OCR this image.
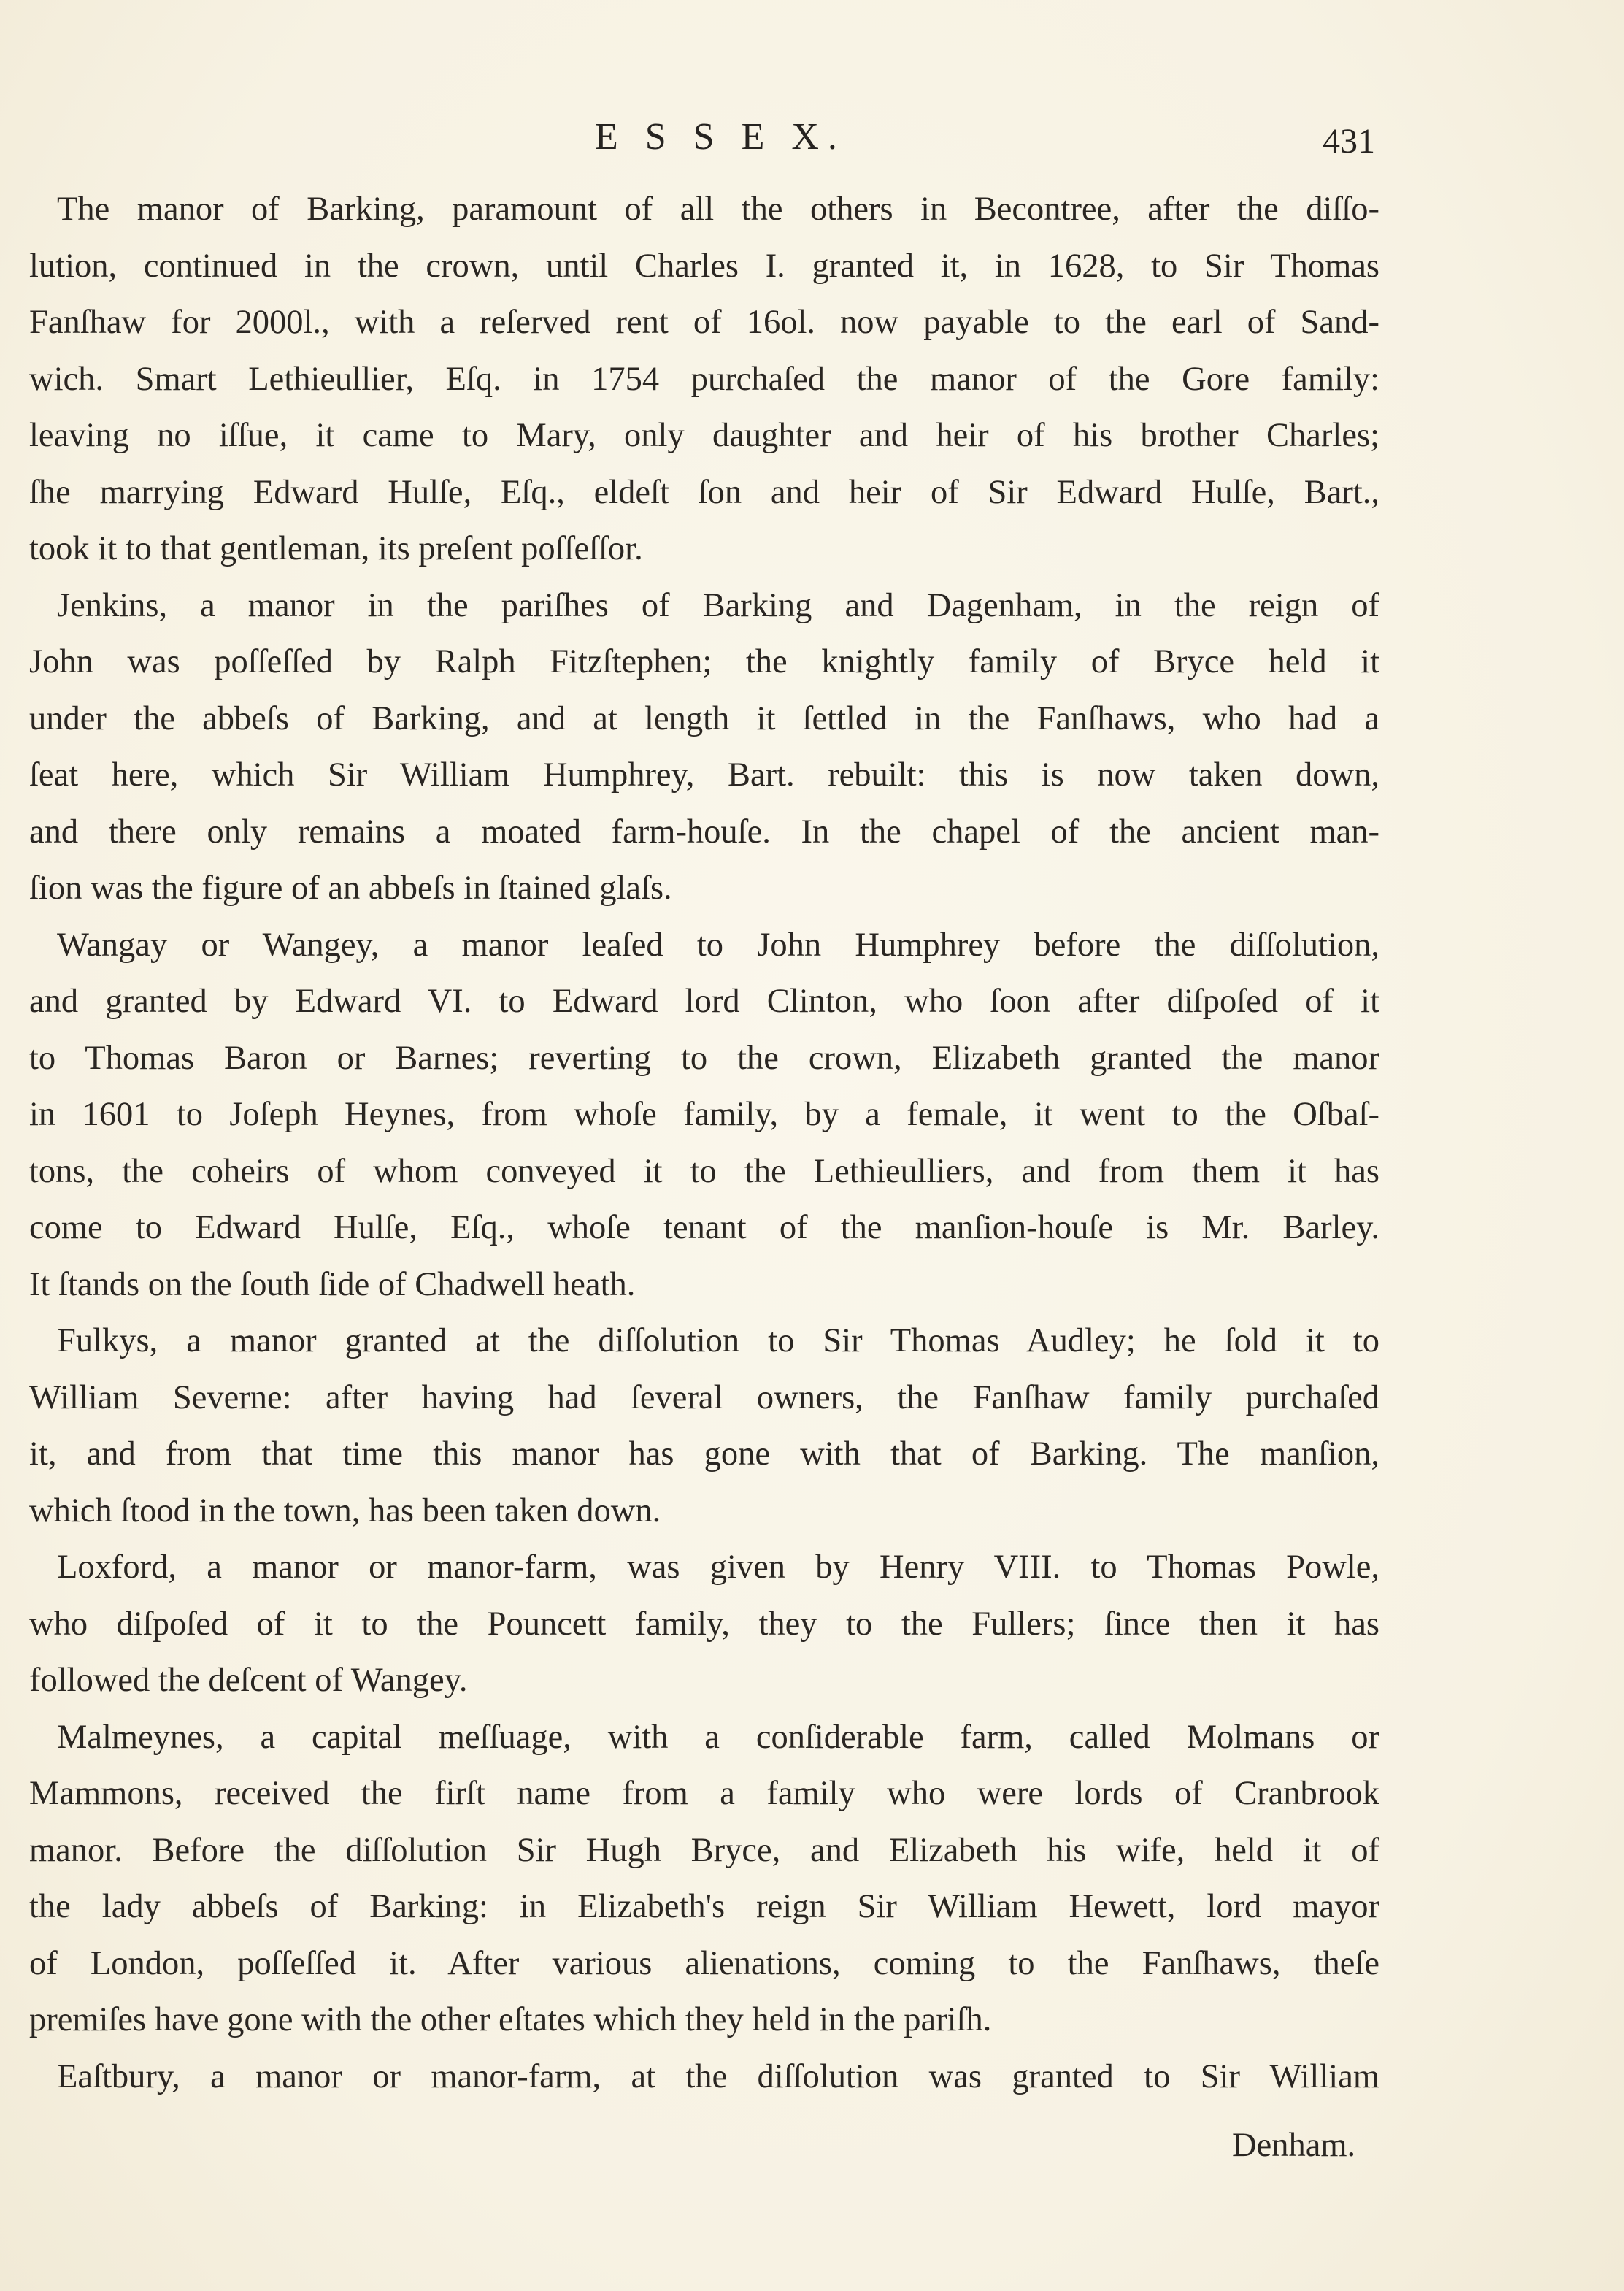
E S S E X.	431
The manor of Barking, paramount of all the others in Becontree, after the diſſo-
lution, continued in the crown, until Charles I. granted it, in 1628, to Sir Thomas
Fanſhaw for 2000l., with a reſerved rent of 16ol. now payable to the earl of Sand-
wich. Smart Lethieullier, Eſq. in 1754 purchaſed the manor of the Gore family:
leaving no iſſue, it came to Mary, only daughter and heir of his brother Charles;
ſhe marrying Edward Hulſe, Eſq., eldeſt ſon and heir of Sir Edward Hulſe, Bart.,
took it to that gentleman, its preſent poſſeſſor.
Jenkins, a manor in the pariſhes of Barking and Dagenham, in the reign of
John was poſſeſſed by Ralph Fitzſtephen; the knightly family of Bryce held it
under the abbeſs of Barking, and at length it ſettled in the Fanſhaws, who had a
ſeat here, which Sir William Humphrey, Bart. rebuilt: this is now taken down,
and there only remains a moated farm-houſe. In the chapel of the ancient man-
ſion was the figure of an abbeſs in ſtained glaſs.
Wangay or Wangey, a manor leaſed to John Humphrey before the diſſolution,
and granted by Edward VI. to Edward lord Clinton, who ſoon after diſpoſed of it
to Thomas Baron or Barnes; reverting to the crown, Elizabeth granted the manor
in 1601 to Joſeph Heynes, from whoſe family, by a female, it went to the Oſbaſ-
tons, the coheirs of whom conveyed it to the Lethieulliers, and from them it has
come to Edward Hulſe, Eſq., whoſe tenant of the manſion-houſe is Mr. Barley.
It ſtands on the ſouth ſide of Chadwell heath.
Fulkys, a manor granted at the diſſolution to Sir Thomas Audley; he ſold it to
William Severne: after having had ſeveral owners, the Fanſhaw family purchaſed
it, and from that time this manor has gone with that of Barking. The manſion,
which ſtood in the town, has been taken down.
Loxford, a manor or manor-farm, was given by Henry VIII. to Thomas Powle,
who diſpoſed of it to the Pouncett family, they to the Fullers; ſince then it has
followed the deſcent of Wangey.
Malmeynes, a capital meſſuage, with a conſiderable farm, called Molmans or
Mammons, received the firſt name from a family who were lords of Cranbrook
manor. Before the diſſolution Sir Hugh Bryce, and Elizabeth his wife, held it of
the lady abbeſs of Barking: in Elizabeth's reign Sir William Hewett, lord mayor
of London, poſſeſſed it. After various alienations, coming to the Fanſhaws, theſe
premiſes have gone with the other eſtates which they held in the pariſh.
Eaſtbury, a manor or manor-farm, at the diſſolution was granted to Sir William
Denham.
